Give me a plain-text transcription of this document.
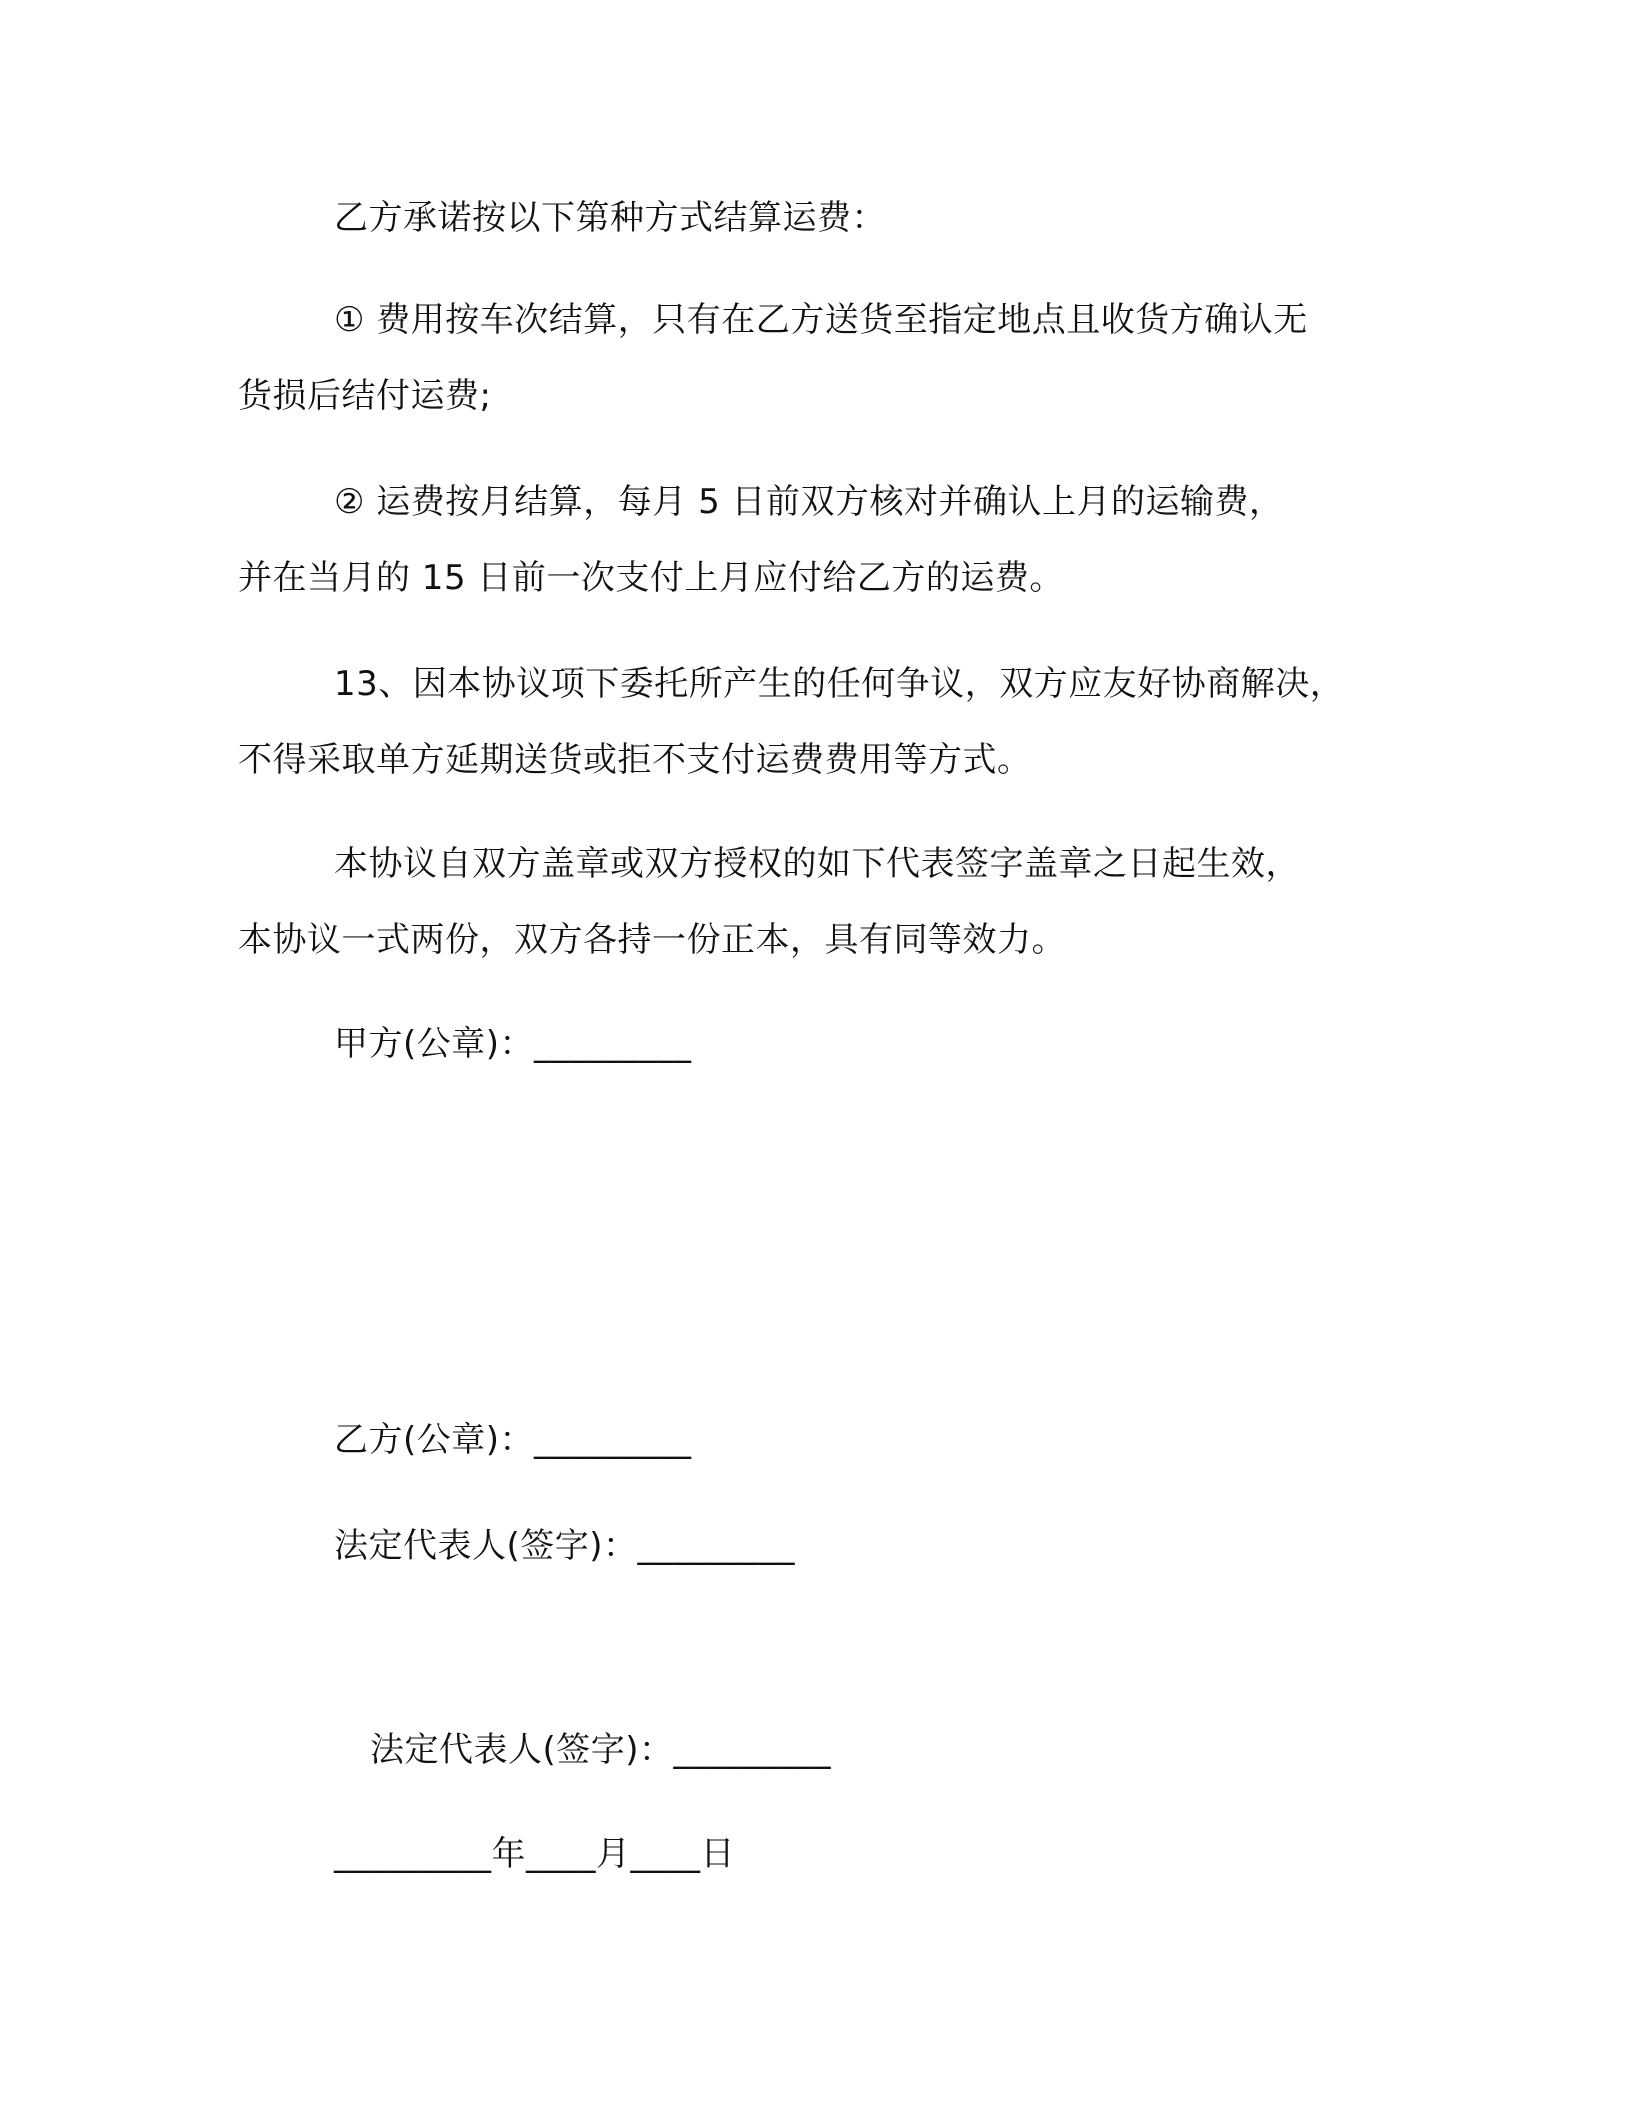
乙方承诺按以下第种方式结算运费：
① 费用按车次结算，只有在乙方送货至指定地点且收货方确认无
货损后结付运费;
② 运费按月结算，每月 5 日前双方核对并确认上月的运输费，
并在当月的 15 日前一次支付上月应付给乙方的运费。
13、因本协议项下委托所产生的任何争议，双方应友好协商解决，
不得采取单方延期送货或拒不支付运费费用等方式。
本协议自双方盖章或双方授权的如下代表签字盖章之日起生效，
本协议一式两份，双方各持一份正本，具有同等效力。
甲方(公章)：_________
乙方(公章)：_________
法定代表人(签字)：_________
法定代表人(签字)：_________
_________年____月____日
